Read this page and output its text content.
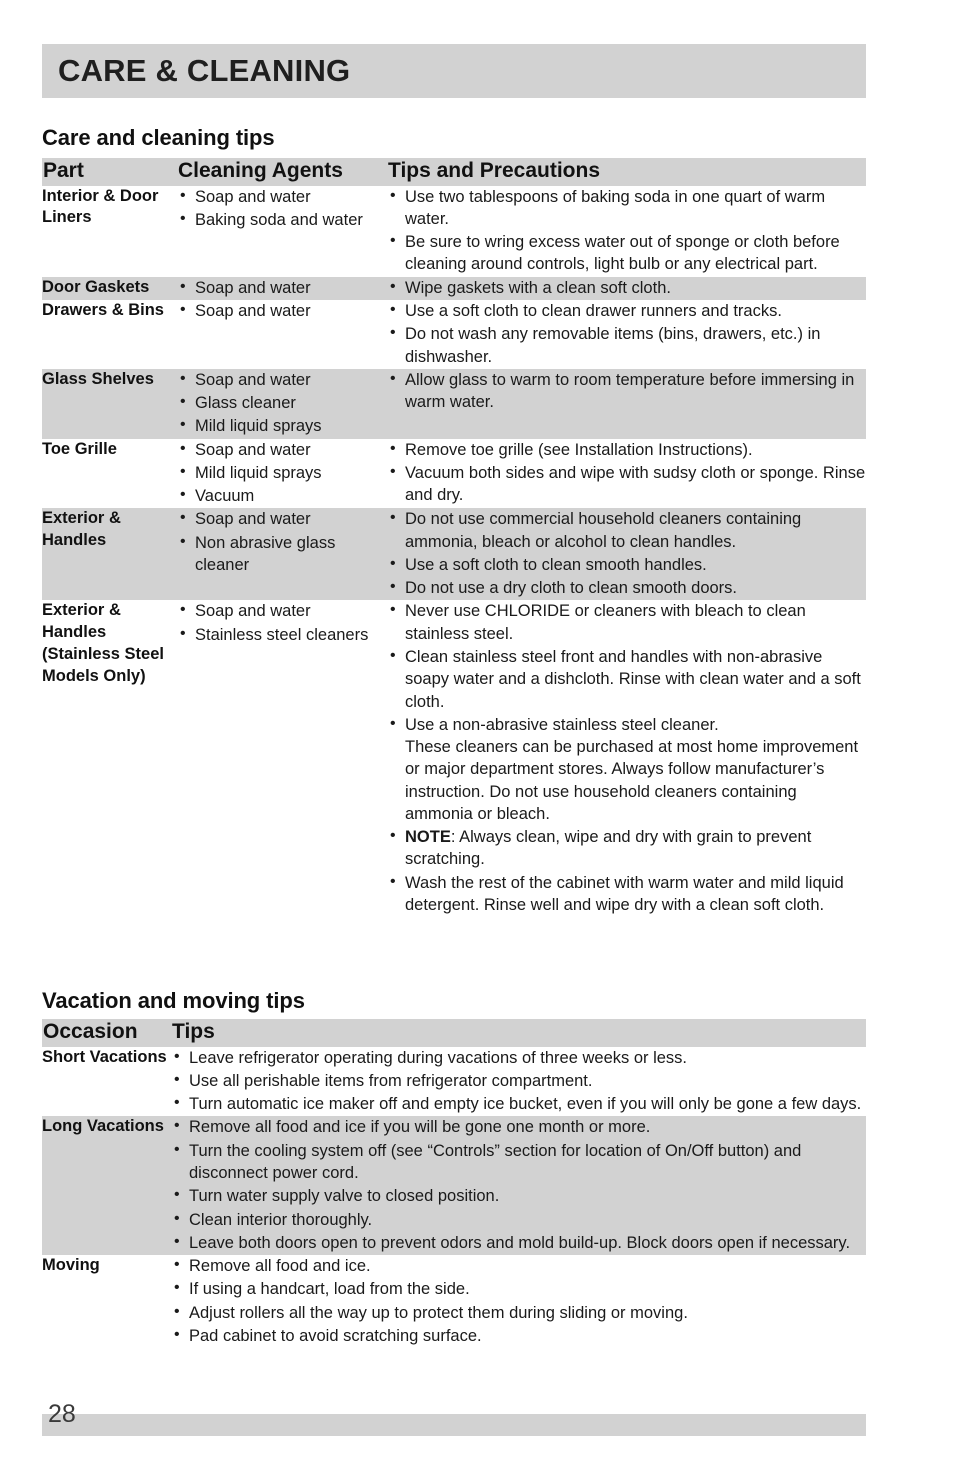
CARE & CLEANING
Care and cleaning tips
Part	Cleaning Agents	Tips and Precautions
Interior & Door Liners	
• Soap and water
• Baking soda and water

• Use two tablespoons of baking soda in one quart of warm water.
• Be sure to wring excess water out of sponge or cloth before cleaning around controls, light bulb or any electrical part.

Door Gaskets	
•Soap and water

•Wipe gaskets with a clean soft cloth.

Drawers & Bins	
•Soap and water

•Use a soft cloth to clean drawer runners and tracks.
• Do not wash any removable items (bins, drawers, etc.) in dishwasher.

Glass Shelves	
•Soap and water
• Glass cleaner
• Mild liquid sprays

• Allow glass to warm to room temperature before immersing in warm water.

Toe Grille	
•Soap and water
• Mild liquid sprays
• Vacuum

• Remove toe grille (see Installation Instructions).
• Vacuum both sides and wipe with sudsy cloth or sponge. Rinse and dry.

Exterior & Handles	
• Soap and water
• Non abrasive glass cleaner

• Do not use commercial household cleaners containing ammonia, bleach or alcohol to clean handles.
• Use a soft cloth to clean smooth handles.
• Do not use a dry cloth to clean smooth doors.

Exterior & Handles (Stainless Steel Models Only)	
• Soap and water
• Stainless steel cleaners

• Never use CHLORIDE or cleaners with bleach to clean stainless steel.
• Clean stainless steel front and handles with non-abrasive soapy water and a dishcloth. Rinse with clean water and a soft cloth.
• Use a non-abrasive stainless steel cleaner.
These cleaners can be purchased at most home improvement or major department stores. Always follow manufacturer’s instruction. Do not use household cleaners containing ammonia or bleach.
• NOTE: Always clean, wipe and dry with grain to prevent scratching.
• Wash the rest of the cabinet with warm water and mild liquid detergent. Rinse well and wipe dry with a clean soft cloth.
Vacation and moving tips
Occasion	Tips
Short Vacations	
•Leave refrigerator operating during vacations of three weeks or less.
• Use all perishable items from refrigerator compartment.
• Turn automatic ice maker off and empty ice bucket, even if you will only be gone a few days.

Long Vacations	
•Remove all food and ice if you will be gone one month or more.
• Turn the cooling system off (see “Controls” section for location of On/Off button) and disconnect power cord.
• Turn water supply valve to closed position.
• Clean interior thoroughly.
• Leave both doors open to prevent odors and mold build-up. Block doors open if necessary.

Moving	
•Remove all food and ice.
• If using a handcart, load from the side.
• Adjust rollers all the way up to protect them during sliding or moving.
• Pad cabinet to avoid scratching surface.
28
